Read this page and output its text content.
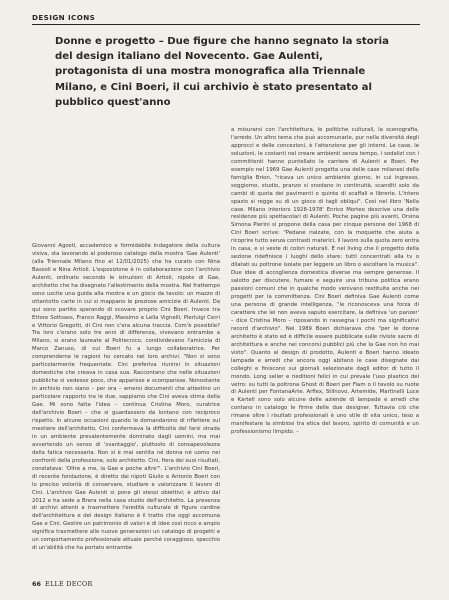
DESIGN ICONS
Donne e progetto – Due figure che hanno segnato la storia del design italiano del Novecento. Gae Aulenti, protagonista di una mostra monografica alla Triennale Milano, e Cini Boeri, il cui archivio è stato presentato al pubblico quest'anno

Giovanni Agosti, accademico e formidabile indagatore della cultura visiva, sta lavorando al poderoso catalogo della mostra 'Gae Aulenti' (alla Triennale Milano fino al 12/01/2025) che ha curato con Nina Bassoli e Nina Artioli. L'esposizione è in collaborazione con l'archivio Aulenti, ordinato secondo le istruzioni di Artioli, nipote di Gae, architetto che ha disegnato l'allestimento della mostra. Nel frattempo sono uscite una guida alla mostra e un gioco da tavolo: un mazzo di ottantotto carte in cui si mappano le preziose amicizie di Aulenti. Da qui sono partito sperando di scovare proprio Cini Boeri. Invece tra Ettore Sottsass, Franco Raggi, Massimo e Lella Vignelli, Pierluigi Cerri e Vittorio Gregotti, di Cini non c'era alcuna traccia. Com'è possibile? Tra loro c'erano solo tre anni di differenza, vivevano entrambe a Milano, si erano laureate al Politecnico, condividevano l'amicizia di Marco Zanuso, di cui Boeri fu a lungo collaboratrice. Per comprenderne le ragioni ho cercato nei loro archivi. "Non si sono particolarmente frequentate. Cini preferiva riunirsi in situazioni domestiche che creava in casa sua. Raccontano che nelle situazioni pubbliche si vedesse poco, che apparisse e scomparisse. Nonostante in archivio non siano – per ora – emersi documenti che attestino un particolare rapporto tra le due, sappiamo che Cini aveva stima della Gae. Mi sono fatta l'idea – continua Cristina Moro, curatrice dell'archivio Boeri – che si guardassero da lontano con reciproco rispetto. In alcune occasioni quando le domandarono di riflettere sul mestiere dell'architetto, Cini confermava la difficoltà del farsi strada in un ambiente prevalentemente dominato dagli uomini, ma mai avvertendo un senso di 'svantaggio', piuttosto di consapevolezza della fatica necessaria. Non si è mai sentita né donna né uomo nei confronti della professione, solo architetto. Cini, fiera dei suoi risultati, constatava: 'Oltre a me, la Gae e poche altre'". L'archivio Cini Boeri, di recente fondazione, è diretto dai nipoti Giulio e Antonio Boeri con lo preciso volontà di conservare, studiare e valorizzare il lavoro di Cini. L'archivio Gae Aulenti si pone gli stessi obiettivi; è attivo dal 2012 e ha sede a Brera nella casa studio dell'architetto. La presenza di archivi attenti a trasmettere l'eredità culturale di figure cardine dell'architettura e del design italiano è il tratto che oggi accomuna Gae e Cini. Gestire un patrimonio di valori e di idee così ricco e ampio significa trasmettere alle nuove generazioni un catalogo di progetti e un comportamento professionale attuale perché coraggioso, specchio di un'abilità che ha portato entrambe

a misurarsi con l'architettura, le politiche culturali, la scenografia, l'arredo. Un altro tema che può accomunarle, pur nella diversità degli approcci e delle concezioni, è l'attenzione per gli interni. Le case, le soluzioni, le costanti nel creare ambienti senza tempo, i sodalizi con i committenti hanno puntellato le carriere di Aulenti e Boeri. Per esempio nel 1969 Gae Aulenti progetta una delle case milanesi della famiglia Brion, "ricava un unico ambiente giorno, in cui ingresso, soggiorno, studio, pranzo si snodano in continuità, scanditi solo da cambi di quota dei pavimenti o quinte di scaffali e librerie. L'intero spazio si regge su di un gioco di tagli obliqui". Così nel libro 'Nella case. Milano interiors 1928-1978' Enrico Morteo descrive una delle residenze più spettacolari di Aulenti. Poche pagine più avanti, Orsina Simona Pierini si propone della casa per cinque persone del 1968 di Cini Boeri scrive: "Pedane rialzate, con la moquette che aiuta a ricoprire tutto senza contrasti materici, il lavoro sulla quota zero entra in casa, e si veste di colori naturali. È nel living che il progetto della sezione ridefinisce i luoghi dello stare: tutti concentrati alla tv o dilatati su poltrone isolate per leggere un libro o ascoltare la musica". Due idee di accoglienza domestica diverse ma sempre generose. Il salotto per discutere, fumare e seguire una tribuna politica erano passioni comuni che in qualche modo venivano restituite anche nei progetti per la committenza. Cini Boeri definiva Gae Aulenti come una persona di grande intelligenza, "le riconosceva una forza di carattere che lei non aveva saputo esercitare, la definiva 'un panzer' – dice Cristina Moro – riposando in rassegna i pochi ma significativi record d'archivio". Nel 1989 Boeri dichiarava che "per le donne architetto è stato ed è difficile essere pubblicate sulle riviste sacre di architettura e anche nei concorsi pubblici più che la Gae non ho mai visto". Quanto al design di prodotto, Aulenti e Boeri hanno ideato lampade e arredi che ancora oggi abitano le case disegnate dai colleghi e finiscono sui giornali selezionate dagli editor di tutto il mondo. Long seller e rieditioni felici in cui prevale l'uso plastico del vetro: su tutti la poltrona Ghost di Boeri per Fiam o il tavolo su ruote di Aulenti per FontanaArte. Arflex, Stilnovo, Artemide, Martinelli Luce e Kartell sono solo alcune delle aziende di lampade e arredi che contano in catalogo le firme delle due designer. Tuttavia ciò che rimane oltre i risultati professionali è uno stile di vita unico, teso a manifestare la simbiosi tra etica del lavoro, spirito di comunità e un professionismo limpido. –

66 ELLE DECOR
